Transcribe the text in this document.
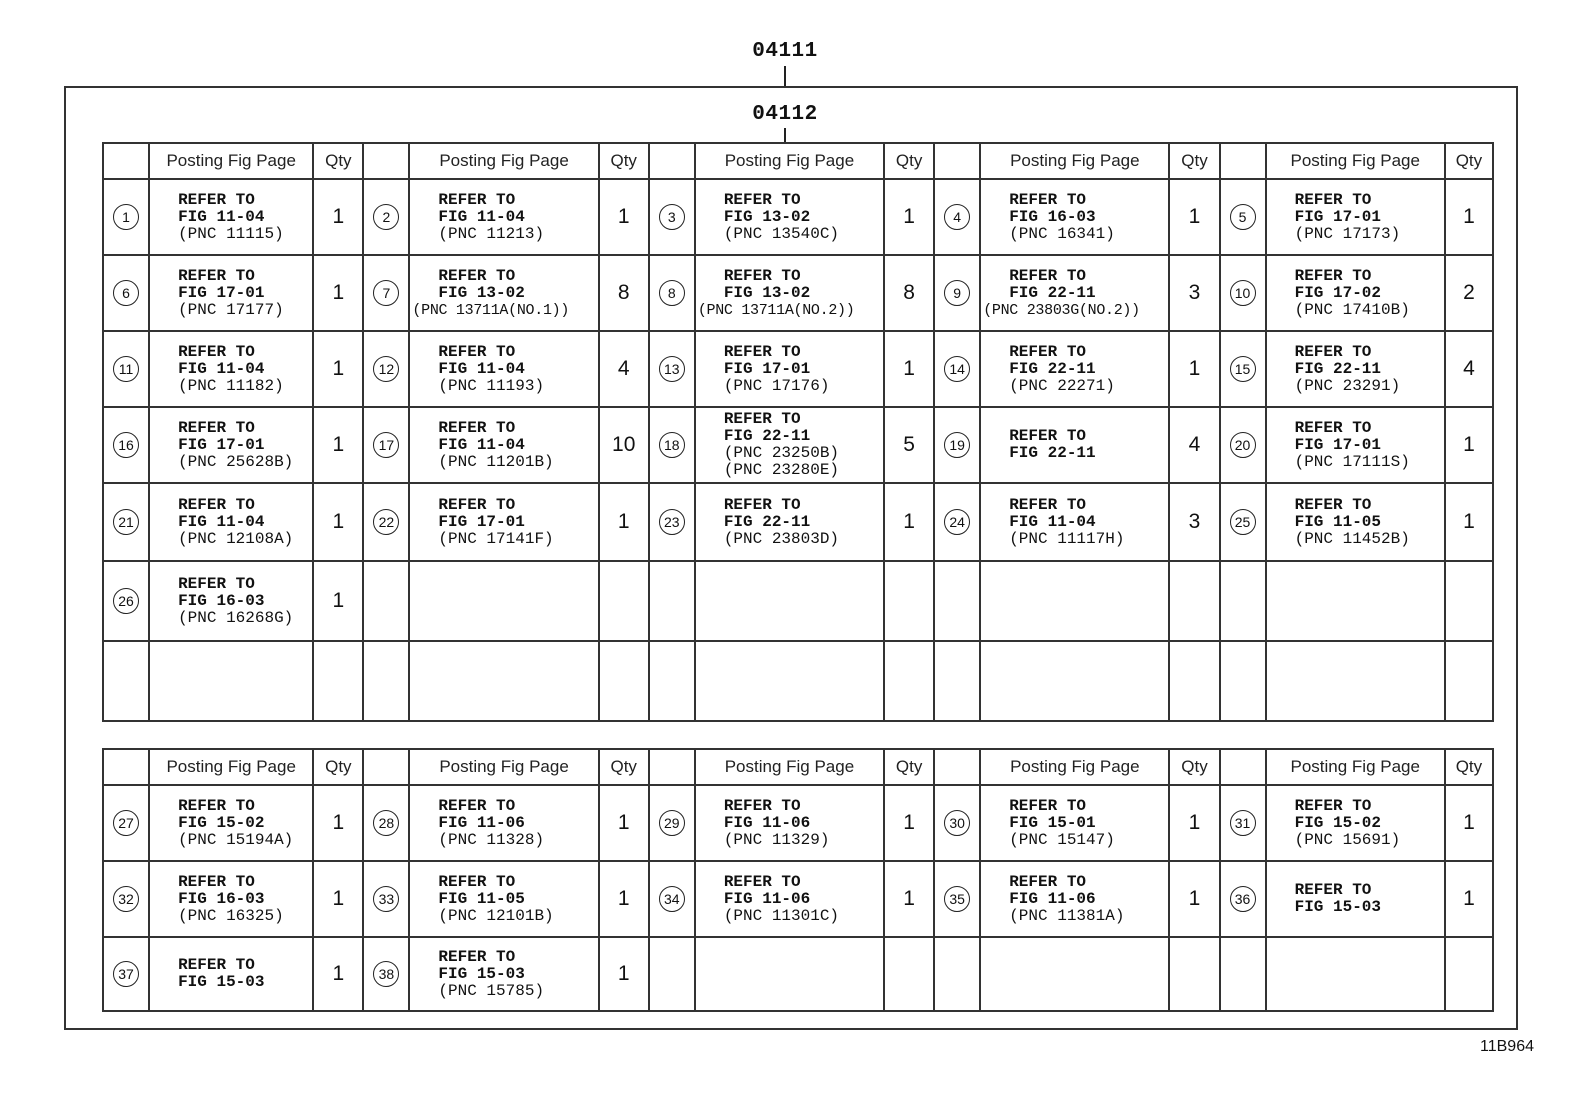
04111
04112
	Posting Fig Page	Qty		Posting Fig Page	Qty		Posting Fig Page	Qty		Posting Fig Page	Qty		Posting Fig Page	Qty
1	REFER TO
FIG 11-04
(PNC 11115)	1	2	REFER TO
FIG 11-04
(PNC 11213)	1	3	REFER TO
FIG 13-02
(PNC 13540C)	1	4	REFER TO
FIG 16-03
(PNC 16341)	1	5	REFER TO
FIG 17-01
(PNC 17173)	1
6	REFER TO
FIG 17-01
(PNC 17177)	1	7	REFER TO
FIG 13-02
(PNC 13711A(NO.1))	8	8	REFER TO
FIG 13-02
(PNC 13711A(NO.2))	8	9	REFER TO
FIG 22-11
(PNC 23803G(NO.2))	3	10	REFER TO
FIG 17-02
(PNC 17410B)	2
11	REFER TO
FIG 11-04
(PNC 11182)	1	12	REFER TO
FIG 11-04
(PNC 11193)	4	13	REFER TO
FIG 17-01
(PNC 17176)	1	14	REFER TO
FIG 22-11
(PNC 22271)	1	15	REFER TO
FIG 22-11
(PNC 23291)	4
16	REFER TO
FIG 17-01
(PNC 25628B)	1	17	REFER TO
FIG 11-04
(PNC 11201B)	10	18	REFER TO
FIG 22-11
(PNC 23250B)
(PNC 23280E)	5	19	REFER TO
FIG 22-11	4	20	REFER TO
FIG 17-01
(PNC 17111S)	1
21	REFER TO
FIG 11-04
(PNC 12108A)	1	22	REFER TO
FIG 17-01
(PNC 17141F)	1	23	REFER TO
FIG 22-11
(PNC 23803D)	1	24	REFER TO
FIG 11-04
(PNC 11117H)	3	25	REFER TO
FIG 11-05
(PNC 11452B)	1
26	REFER TO
FIG 16-03
(PNC 16268G)	1												

	Posting Fig Page	Qty		Posting Fig Page	Qty		Posting Fig Page	Qty		Posting Fig Page	Qty		Posting Fig Page	Qty
27	REFER TO
FIG 15-02
(PNC 15194A)	1	28	REFER TO
FIG 11-06
(PNC 11328)	1	29	REFER TO
FIG 11-06
(PNC 11329)	1	30	REFER TO
FIG 15-01
(PNC 15147)	1	31	REFER TO
FIG 15-02
(PNC 15691)	1
32	REFER TO
FIG 16-03
(PNC 16325)	1	33	REFER TO
FIG 11-05
(PNC 12101B)	1	34	REFER TO
FIG 11-06
(PNC 11301C)	1	35	REFER TO
FIG 11-06
(PNC 11381A)	1	36	REFER TO
FIG 15-03	1
37	REFER TO
FIG 15-03	1	38	REFER TO
FIG 15-03
(PNC 15785)	1									
11B964
